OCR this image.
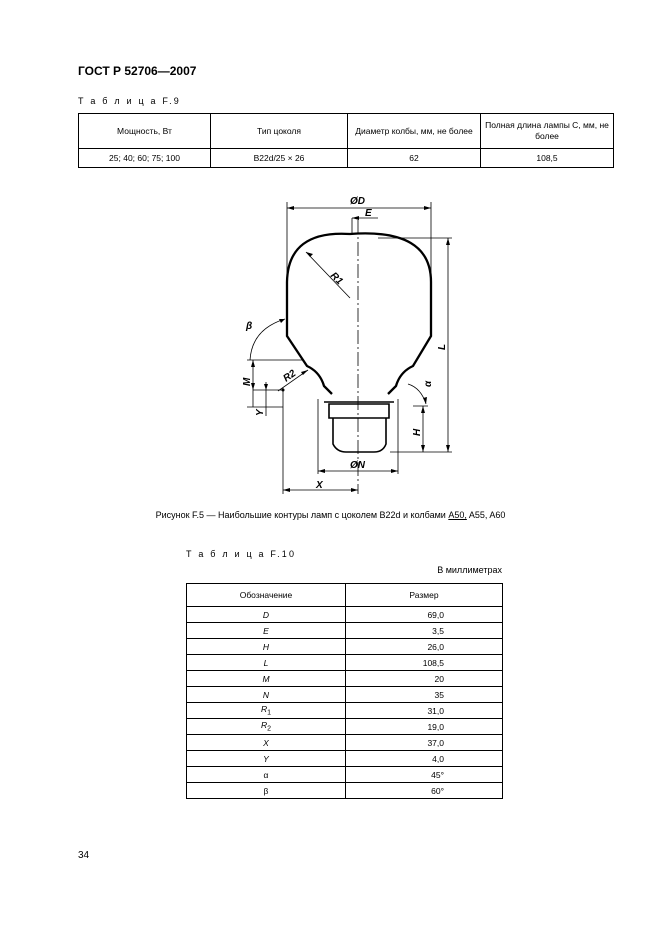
ГОСТ Р 52706—2007
Т а б л и ц а F.9
Мощность, Вт	Тип цоколя	Диаметр колбы, мм, не более	Полная длина лампы C, мм, не более
25; 40; 60; 75; 100	B22d/25 × 26	62	108,5
ØD
E
R1
β
M
Y
R2	α
L
H
ØN
X
Рисунок F.5 — Наибольшие контуры ламп с цоколем B22d и колбами A50, A55, A60
Т а б л и ц а F.10
В миллиметрах
Обозначение	Размер
D	69,0
E	3,5
H	26,0
L	108,5
M	20
N	35
$R_1$	31,0
$R_2$	19,0
X	37,0
Y	4,0
α	45°
β	60°
34
